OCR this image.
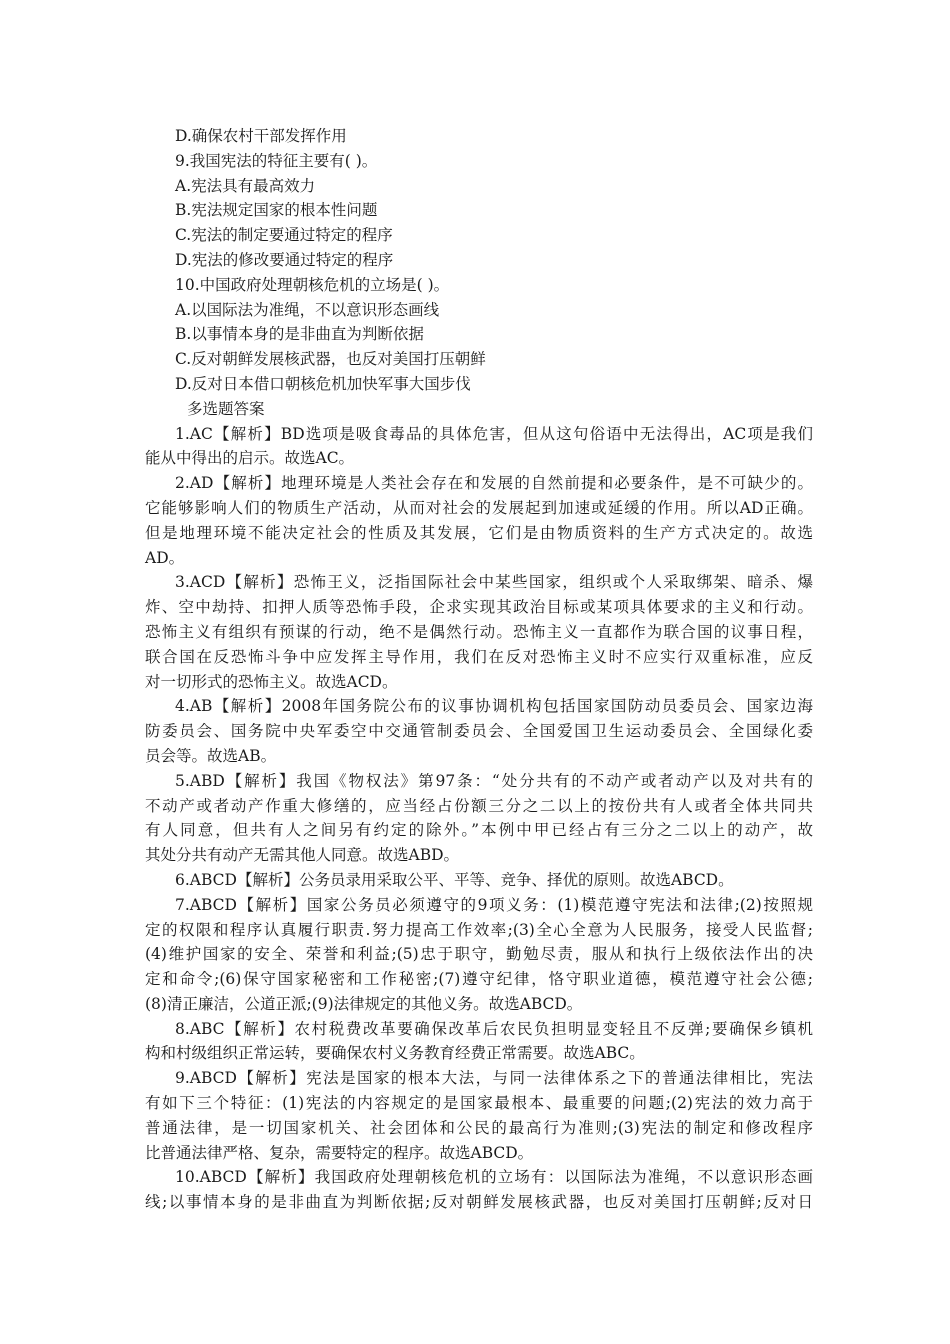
D.确保农村干部发挥作用
9.我国宪法的特征主要有( )。
A.宪法具有最高效力
B.宪法规定国家的根本性问题
C.宪法的制定要通过特定的程序
D.宪法的修改要通过特定的程序
10.中国政府处理朝核危机的立场是( )。
A.以国际法为准绳，不以意识形态画线
B.以事情本身的是非曲直为判断依据
C.反对朝鲜发展核武器，也反对美国打压朝鲜
D.反对日本借口朝核危机加快军事大国步伐
多选题答案
1.AC【解析】BD选项是吸食毒品的具体危害，但从这句俗语中无法得出，AC项是我们
能从中得出的启示。故选AC。
2.AD【解析】地理环境是人类社会存在和发展的自然前提和必要条件，是不可缺少的。
它能够影响人们的物质生产活动，从而对社会的发展起到加速或延缓的作用。所以AD正确。
但是地理环境不能决定社会的性质及其发展，它们是由物质资料的生产方式决定的。故选
AD。
3.ACD【解析】恐怖王义，泛指国际社会中某些国家，组织或个人采取绑架、暗杀、爆
炸、空中劫持、扣押人质等恐怖手段，企求实现其政治目标或某项具体要求的主义和行动。
恐怖主义有组织有预谋的行动，绝不是偶然行动。恐怖主义一直都作为联合国的议事日程，
联合国在反恐怖斗争中应发挥主导作用，我们在反对恐怖主义时不应实行双重标准，应反
对一切形式的恐怖主义。故选ACD。
4.AB【解析】2008年国务院公布的议事协调机构包括国家国防动员委员会、国家边海
防委员会、国务院中央军委空中交通管制委员会、全国爱国卫生运动委员会、全国绿化委
员会等。故选AB。
5.ABD【解析】我国《物权法》第97条：“处分共有的不动产或者动产以及对共有的
不动产或者动产作重大修缮的，应当经占份额三分之二以上的按份共有人或者全体共同共
有人同意，但共有人之间另有约定的除外。”本例中甲已经占有三分之二以上的动产，故
其处分共有动产无需其他人同意。故选ABD。
6.ABCD【解析】公务员录用采取公平、平等、竞争、择优的原则。故选ABCD。
7.ABCD【解析】国家公务员必须遵守的9项义务：(1)模范遵守宪法和法律;(2)按照规
定的权限和程序认真履行职责.努力提高工作效率;(3)全心全意为人民服务，接受人民监督;
(4)维护国家的安全、荣誉和利益;(5)忠于职守，勤勉尽责，服从和执行上级依法作出的决
定和命令;(6)保守国家秘密和工作秘密;(7)遵守纪律，恪守职业道德，模范遵守社会公德;
(8)清正廉洁，公道正派;(9)法律规定的其他义务。故选ABCD。
8.ABC【解析】农村税费改革要确保改革后农民负担明显变轻且不反弹;要确保乡镇机
构和村级组织正常运转，要确保农村义务教育经费正常需要。故选ABC。
9.ABCD【解析】宪法是国家的根本大法，与同一法律体系之下的普通法律相比，宪法
有如下三个特征：(1)宪法的内容规定的是国家最根本、最重要的问题;(2)宪法的效力高于
普通法律，是一切国家机关、社会团体和公民的最高行为准则;(3)宪法的制定和修改程序
比普通法律严格、复杂，需要特定的程序。故选ABCD。
10.ABCD【解析】我国政府处理朝核危机的立场有：以国际法为准绳，不以意识形态画
线;以事情本身的是非曲直为判断依据;反对朝鲜发展核武器，也反对美国打压朝鲜;反对日
